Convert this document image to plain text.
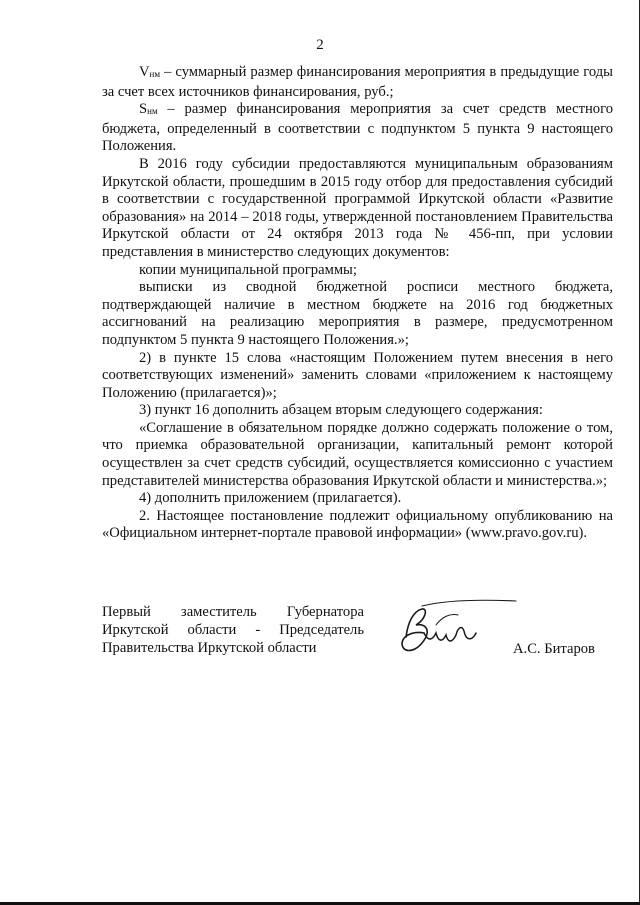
2

Vнм – суммарный размер финансирования мероприятия в предыдущие годы за счет всех источников финансирования, руб.;

Sнм – размер финансирования мероприятия за счет средств местного бюджета, определенный в соответствии с подпунктом 5 пункта 9 настоящего Положения.

В 2016 году субсидии предоставляются муниципальным образованиям Иркутской области, прошедшим в 2015 году отбор для предоставления субсидий в соответствии с государственной программой Иркутской области «Развитие образования» на 2014 – 2018 годы, утвержденной постановлением Правительства Иркутской области от 24 октября 2013 года № 456-пп, при условии представления в министерство следующих документов:

копии муниципальной программы;

выписки из сводной бюджетной росписи местного бюджета, подтверждающей наличие в местном бюджете на 2016 год бюджетных ассигнований на реализацию мероприятия в размере, предусмотренном подпунктом 5 пункта 9 настоящего Положения.»;

2) в пункте 15 слова «настоящим Положением путем внесения в него соответствующих изменений» заменить словами «приложением к настоящему Положению (прилагается)»;

3) пункт 16 дополнить абзацем вторым следующего содержания:

«Соглашение в обязательном порядке должно содержать положение о том, что приемка образовательной организации, капитальный ремонт которой осуществлен за счет средств субсидий, осуществляется комиссионно с участием представителей министерства образования Иркутской области и министерства.»;

4) дополнить приложением (прилагается).

2. Настоящее постановление подлежит официальному опубликованию на «Официальном интернет-портале правовой информации» (www.pravo.gov.ru).

Первый заместитель Губернатора
Иркутской области - Председатель
Правительства Иркутской области	А.С. Битаров
